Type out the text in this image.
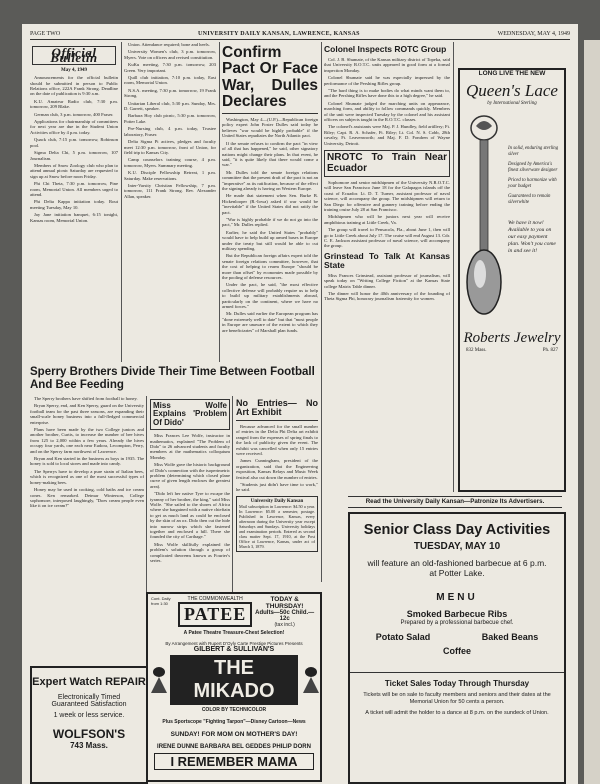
PAGE TWO	UNIVERSITY DAILY KANSAN, LAWRENCE, KANSAS	WEDNESDAY, MAY 4, 1949
Official Bulletin
May 4, 1949

Announcements for the official bulletin should be submitted in person to Public Relations office, 222A Frank Strong. Deadline on the date of publication is 9:30 a.m.

K.U. Amateur Radio club, 7:30 p.m. tomorrow, 209 Blake.

German club, 3 p.m. tomorrow, 400 Fraser.

Applications for chairmanship of committees for next year are due in the Student Union Activities office by 4 p.m. today.

Quack club, 7:15 p.m. tomorrow, Robinson pool.

Sigma Delta Chi, 5 p.m. tomorrow, 107 Journalism.

Members of Snow Zoology club who plan to attend annual picnic Saturday are requested to sign up at Snow before noon Friday.

Phi Chi Theta, 7:30 p.m. tomorrow, Pine room, Memorial Union. All members urged to attend.

Phi Delta Kappa initiation today. Rout meeting Tuesday, May 10.

Jay Jane initiation banquet, 6:15 tonight, Kansas room, Memorial Union.

Union. Attendance required; bone and heels.

University Women's club, 3 p.m. tomorrow, Myers. Vote on officers and revised constitution.

KuKu meeting, 7:30 p.m. tomorrow, 203 Green. Very important.

Quill club initiation, 7:10 p.m. today, East room, Memorial Union.

N.S.A. meeting, 7:30 p.m. tomorrow, 19 Frank Strong.

Unitarian Liberal club, 5:30 p.m. Sunday, Mrs. D. Garrett, speaker.

Barbara Hoy club picnic, 5:30 p.m. tomorrow, Potter Lake.

Pre-Nursing club, 4 p.m. today, Trustee laboratory, Fraser.

Delta Sigma Pi actives, pledges and faculty meet 12:30 p.m. tomorrow, front of Union, for field trip to Kansas City.

Camp counselors training course, 4 p.m. tomorrow, Myers. Summary meeting.

K.U. Disciple Fellowship Retreat, 1 p.m. Saturday. Make reservations.

Inter-Varsity Christian Fellowship, 7 p.m. tomorrow, 111 Frank Strong. Rev. Alexander Allan, speaker.

Confirm Pact Or Face War, Dulles Declares

Washington, May 4—(U.P.)—Republican foreign policy expert John Foster Dulles said today he believes "war would be highly probable" if the United States repudiates the North Atlantic pact.

If the senate refuses to confirm the pact "in view of all that has happened," he said, other signatory nations might change their plans. In that event, he said, "it is quite likely that there would come a war."

Mr. Dulles told the senate foreign relations committee that the present draft of the pact is not an "imperative" as its ratification, because of the effect the signing already is having on Western Europe.

He made that statement when Sen. Burke B. Hickenlooper (R.-Iowa) asked if war would be "inevitable" if the United States did not ratify the pact.

"War is highly probable if we do not go into the pact," Mr. Dulles replied.

Earlier, he said the United States "probably" would have to help build up armed bases in Europe under the treaty but still would be able to cut military spending.

But the Republican foreign affairs expert told the senate foreign relations committee, however, that the cost of helping to rearm Europe "should be more than offset" by economies made possible by the pooling of defense resources.

Under the pact, he said, "the most effective collective defense will probably require us to help to build up military establishments abroad, particularly on the continent, where we have no armed forces."

Mr. Dulles said earlier the European program has "done extremely well to date" but that "most people in Europe are unaware of the extent to which they are beneficiaries" of Marshall plan funds.

Sperry Brothers Divide Their Time Between Football And Bee Feeding

The Sperry brothers have shifted from football to honey.

Bryan Sperry, end, and Ken Sperry, guard on the University football team for the past three seasons, are expanding their small-scale honey business into a full-fledged commercial enterprise.

Plans have been made by the two College juniors and another brother, Curtis, to increase the number of bee hives from 125 to 2,000 within a few years. Already the hives occupy four yards, one each near Eudora, Lecompton, Perry, and on the Sperry farm northwest of Lawrence.

Bryan and Ken started in the business as boys in 1935. The honey is sold to local stores and made into candy.

The Sperrys have to develop a pure strain of Italian bees, which is recognized as one of the most successful types of honey-making bees.

Honey may be used in cooking, cold baths and ice cream cones. Ken remarked. Deimar Winterson, College sophomore, interposed laughingly, "Does cream people even like it on ice cream?"

Miss Wolfe Explains 'Problem Of Dido'

Miss Frances Lee Wolfe, instructor in mathematics, explained "The Problem of Dido" to 26 advanced students and faculty members at the mathematics colloquium Monday.

Miss Wolfe gave the historic background of Dido's connection with the isoperimetric problem (determining which closed plane curve of given length encloses the greatest area).

"Dido left her native Tyre to escape the tyranny of her brother, the king," said Miss Wolfe. "She sailed to the shores of Africa where she bargained with a native chieftain to get as much land as could be enclosed by the skin of an ox. Dido then cut the hide into narrow strips which she fastened together and enclosed a hill. There she founded the city of Carthage."

Miss Wolfe skillfully explained the problem's solution through a group of complicated theorems known as Fourier's series.

No Entries— No Art Exhibit

Because advanced for the small number of entries in the Delta Phi Delta art exhibit ranged from the expenses of spring finals to the lack of publicity given the event. The exhibit was cancelled when only 15 entries were received.

James Cunningham, president of the organization, said that the Engineering exposition, Kansas Relays and Music Week festival also cut down the number of entries.

"Students just didn't have time to work," he said.

University Daily Kansan
Mail subscription in Lawrence: $4.50 a year. In Lawrence: $5.00 a semester, postage. Published in Lawrence, Kansas, every afternoon during the University year except Saturdays and Sundays. University holidays and examination periods. Entered as second class matter Sept. 17, 1910, at the Post Office at Lawrence, Kansas, under act of March 3, 1879.
Expert Watch REPAIR
Electronically Timed
Guaranteed Satisfaction
1 week or less service.
WOLFSON'S
743 Mass.
Cont. Daily from 1:30
THE COMMONWEALTH
PATEE
TODAY & THURSDAY!
Adults—50c Child.—12c
(tax incl.)
A Patee Theatre Treasure-Chest Selection!
By Arrangement with Rupert D'Oyly Carte Prestige Pictures Presents
GILBERT & SULLIVAN'S
THE MIKADO
COLOR BY TECHNICOLOR
Plus Sportscope "Fighting Tarpon"—Disney Cartoon—News
SUNDAY! FOR MOM ON MOTHER'S DAY!
IRENE DUNNE BARBARA BEL GEDDES PHILIP DORN
I REMEMBER MAMA
Colonel Inspects ROTC Group

Col. J. B. Shumate, of the Kansas military district of Topeka, said that University R.O.T.C. units appeared in good form at a formal inspection Monday.

Colonel Shumate said he was especially impressed by the performance of the Pershing Rifles group.

"The hard thing is to make bodies do what minds want them to, and the Pershing Rifles have done this to a high degree," he said.

Colonel Shumate judged the marching units on appearance, marching form, and ability to follow commands quickly. Members of the unit were inspected Tuesday by the colonel and his assistant officers on subjects taught in the R.O.T.C. classes.

The colonel's assistants were Maj. P. J. Hundley, field artillery; Ft. Riley; Capt. R. A. Schafer, Ft. Riley; Lt. Col. N. S. Cobb, 28th cavalry, Ft. Leavenworth; and Maj. F. D. Fondren of Wayne University, Detroit.

NROTC To Train Near Ecuador

Sophomore and senior midshipmen of the University N.R.O.T.C. will leave San Francisco June 18 for the Galapagos islands off the coast of Ecuador. Lt. D. T. Turner, assistant professor of naval science, will accompany the group. The midshipmen will return to San Diego for offensive and gunnery training before ending the training cruise July 28 at San Francisco.

Midshipmen who will be juniors next year will receive amphibious training at Little Creek, Va.

The group will travel to Pensacola, Fla., about June 1, then will go to Little Creek about July 17. The cruise will end August 13. Cdr. C. E. Jackson assistant professor of naval science, will accompany the group.

Grinstead To Talk At Kansas State

Miss Frances Grinstead, assistant professor of journalism, will speak today on "Writing College Fiction" at the Kansas State college Matrix Table dinner.

The dinner will honor the 40th anniversary of the founding of Theta Sigma Phi, honorary journalism fraternity for women.

LONG LIVE THE NEW
Queen's Lace
by International Sterling
In solid, enduring sterling silver
Designed by America's finest silverware designer
Priced to harmonize with your budget
Guaranteed to remain silverwhite
We have it now! Available to you on our easy payment plan. Won't you come in and see it!
Roberts Jewelry
832 Mass.	Ph. 827
Read the University Daily Kansan—Patronize Its Advertisers.
Senior Class Day Activities
TUESDAY, MAY 10
will feature an old-fashioned barbecue at 6 p.m. at Potter Lake.
MENU
Smoked Barbecue Ribs
Prepared by a professional barbecue chef.
Potato Salad	Baked Beans
Coffee
Ticket Sales Today Through Thursday
Tickets will be on sale to faculty members and seniors and their dates at the Memorial Union for 50 cents a person.
A ticket will admit the holder to a dance at 8 p.m. on the sundeck of Union.
